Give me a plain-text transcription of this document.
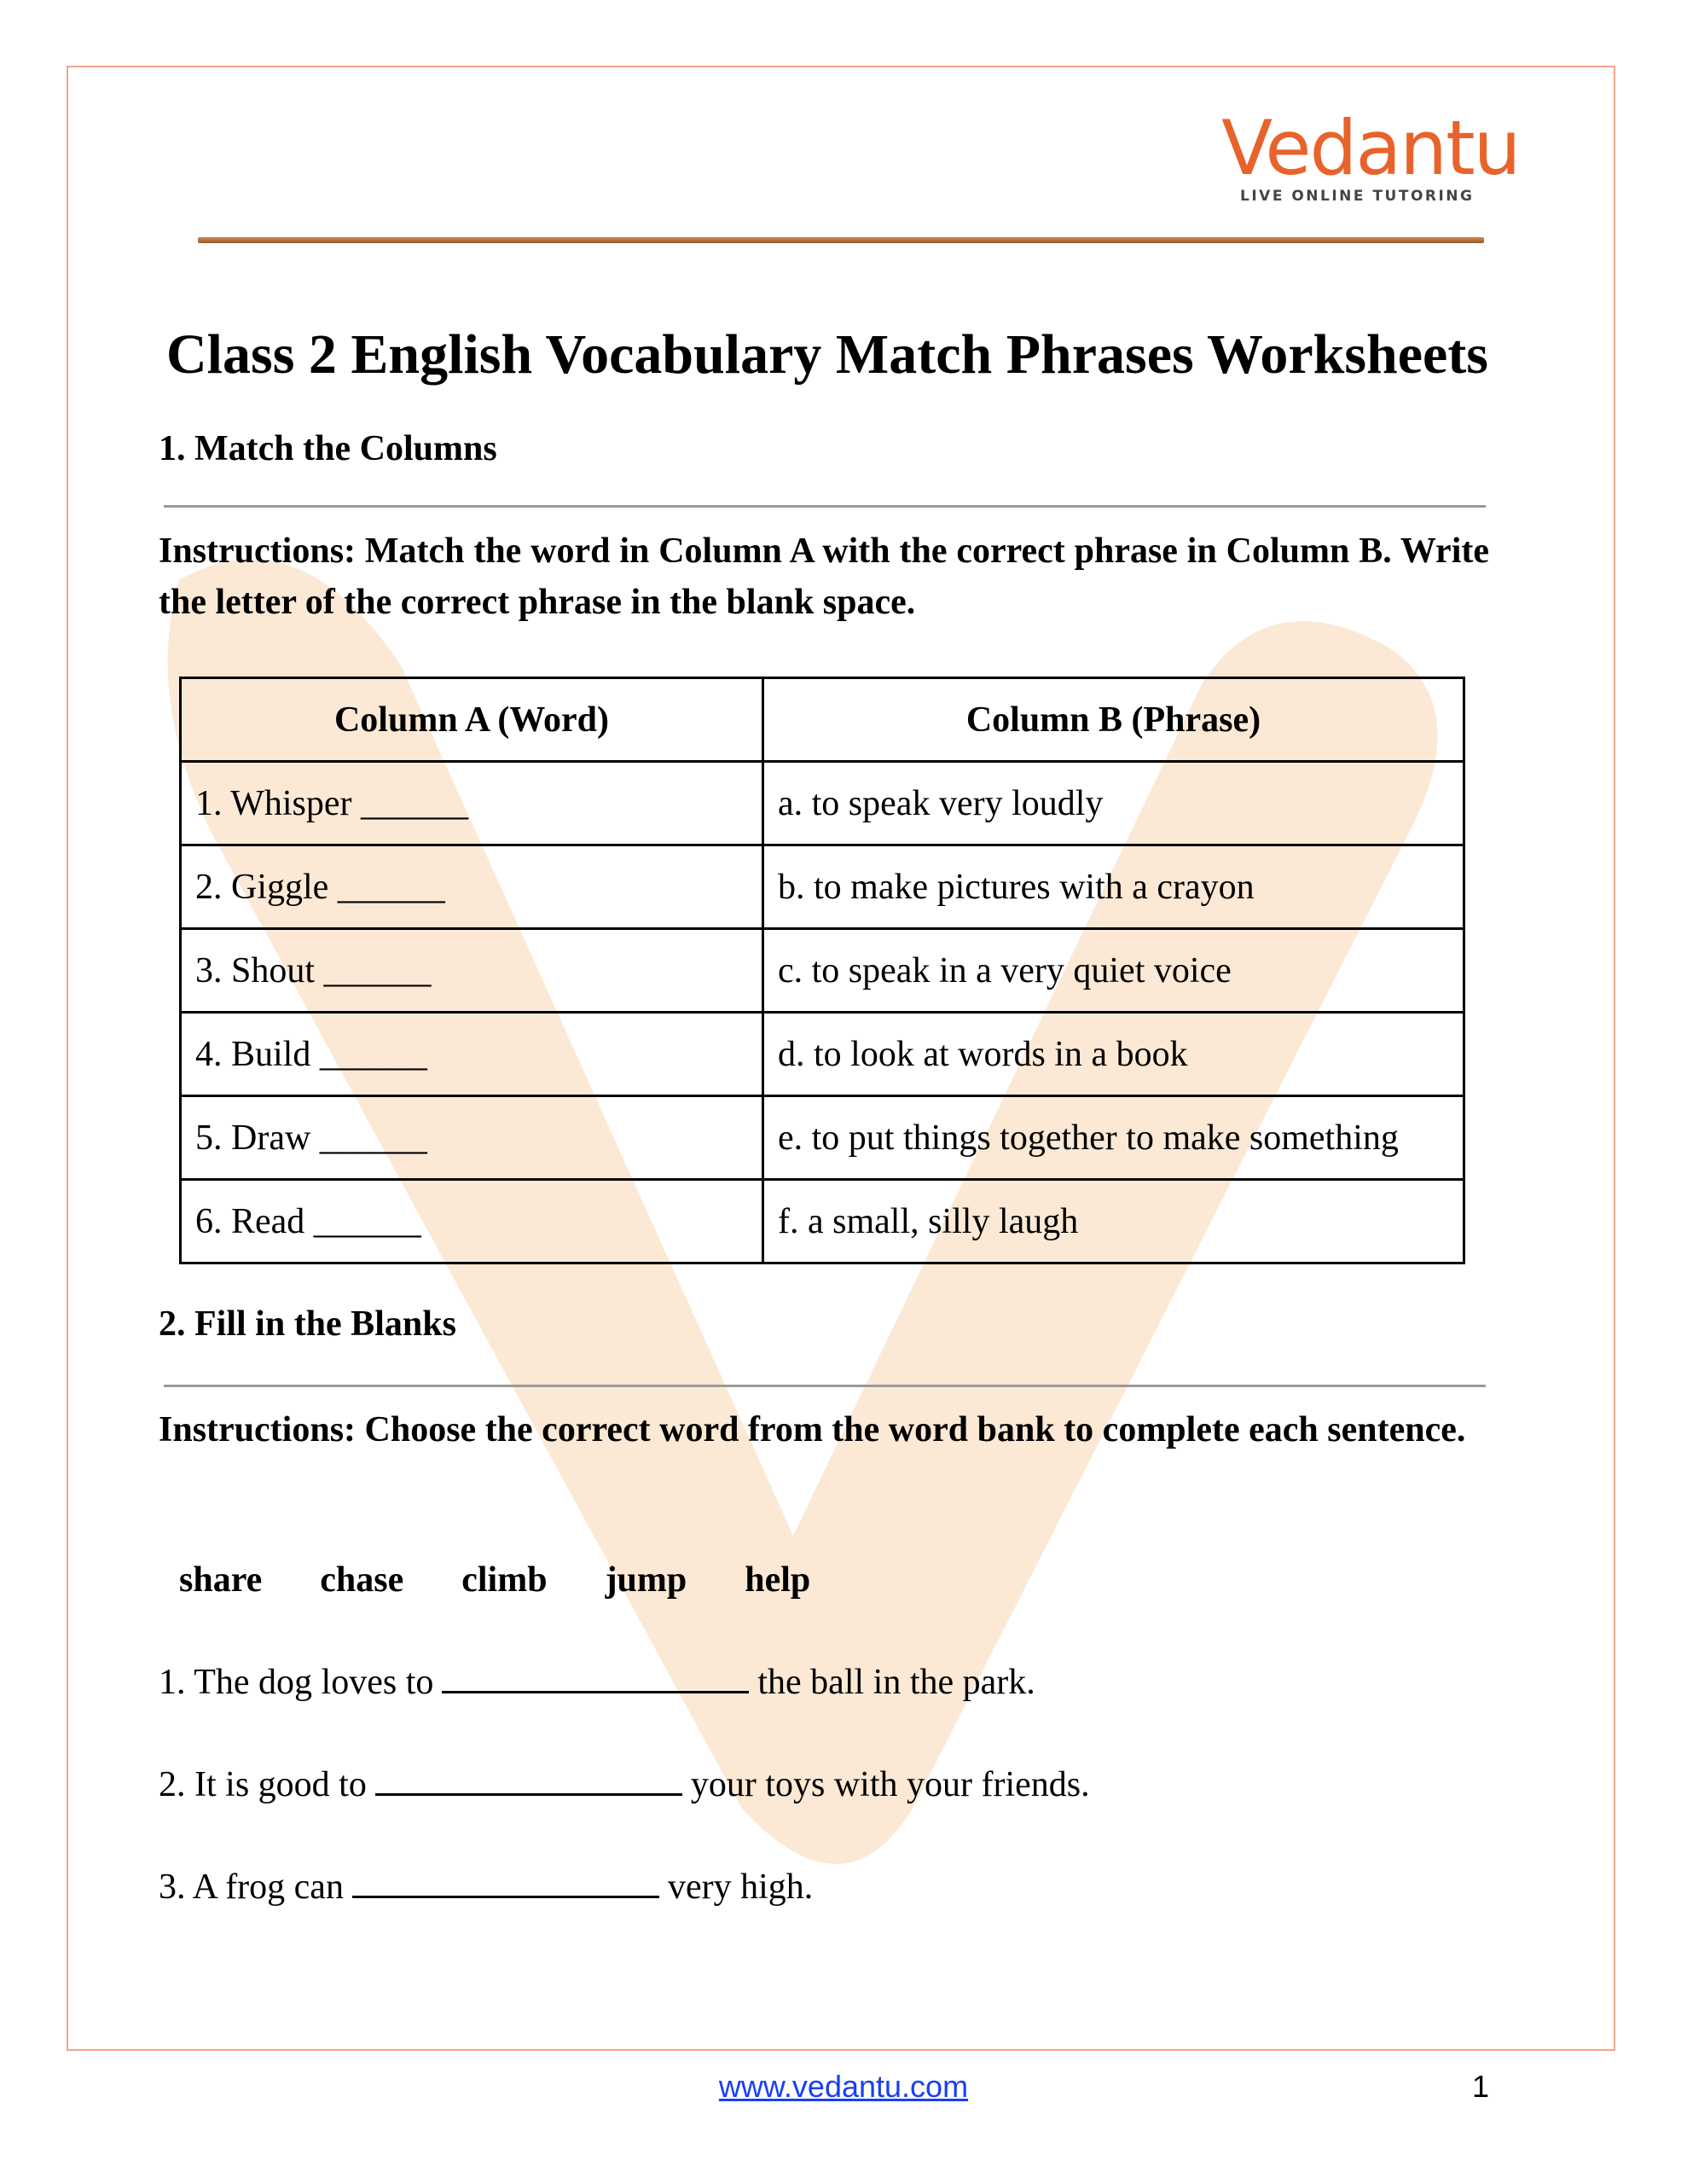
Vedantu
LIVE ONLINE TUTORING
Class 2 English Vocabulary Match Phrases Worksheets
1. Match the Columns

Instructions: Match the word in Column A with the correct phrase in Column B. Write the letter of the correct phrase in the blank space.

Column A (Word)	Column B (Phrase)
1. Whisper ______	a. to speak very loudly
2. Giggle ______	b. to make pictures with a crayon
3. Shout ______	c. to speak in a very quiet voice
4. Build ______	d. to look at words in a book
5. Draw ______	e. to put things together to make something
6. Read ______	f. a small, silly laugh
2. Fill in the Blanks

Instructions: Choose the correct word from the word bank to complete each sentence.

share chase climb jump help

1. The dog loves to	the ball in the park.

2. It is good to	your toys with your friends.

3. A frog can	very high.

www.vedantu.com	1
